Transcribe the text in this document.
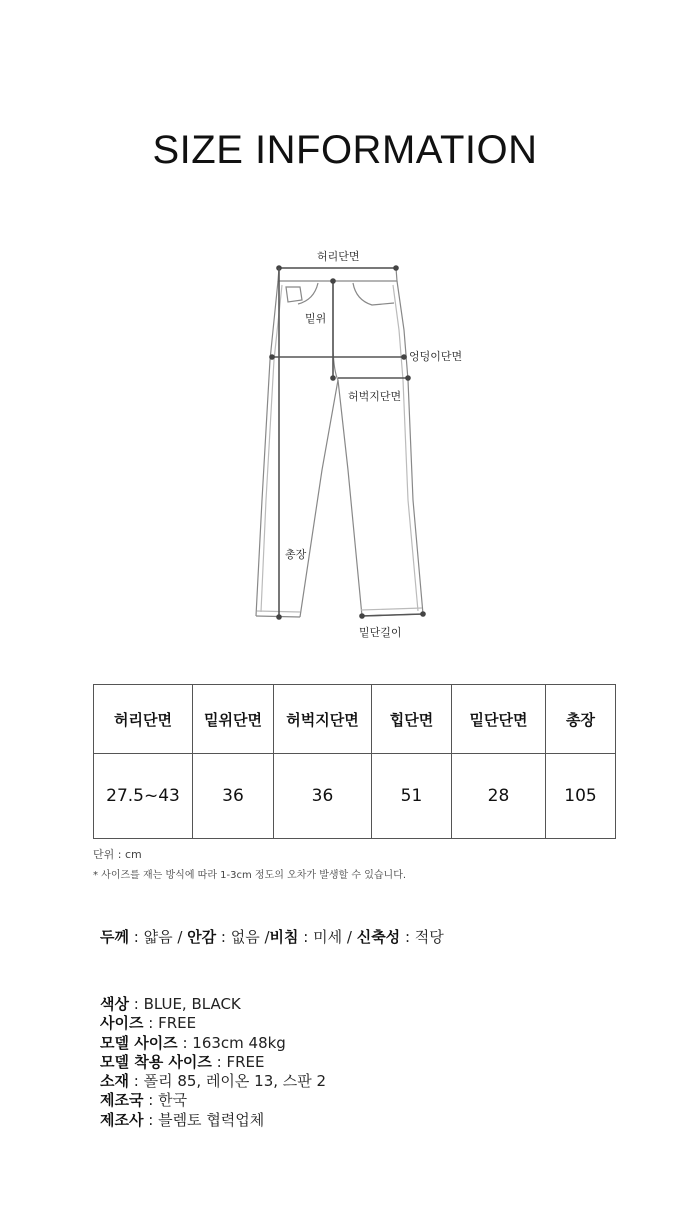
SIZE INFORMATION
허리단면
밑위
엉덩이단면
허벅지단면
총장
밑단길이
허리단면	밑위단면	허벅지단면	힙단면	밑단단면	총장
27.5~43	36	36	51	28	105
단위 : cm
* 사이즈를 재는 방식에 따라 1-3cm 정도의 오차가 발생할 수 있습니다.
두께 : 얇음 / 안감 : 없음 /비침 : 미세 / 신축성 : 적당
색상 : BLUE, BLACK
사이즈 : FREE
모델 사이즈 : 163cm 48kg
모델 착용 사이즈 : FREE
소재 : 폴리 85, 레이온 13, 스판 2
제조국 : 한국
제조사 : 블렘토 협력업체
